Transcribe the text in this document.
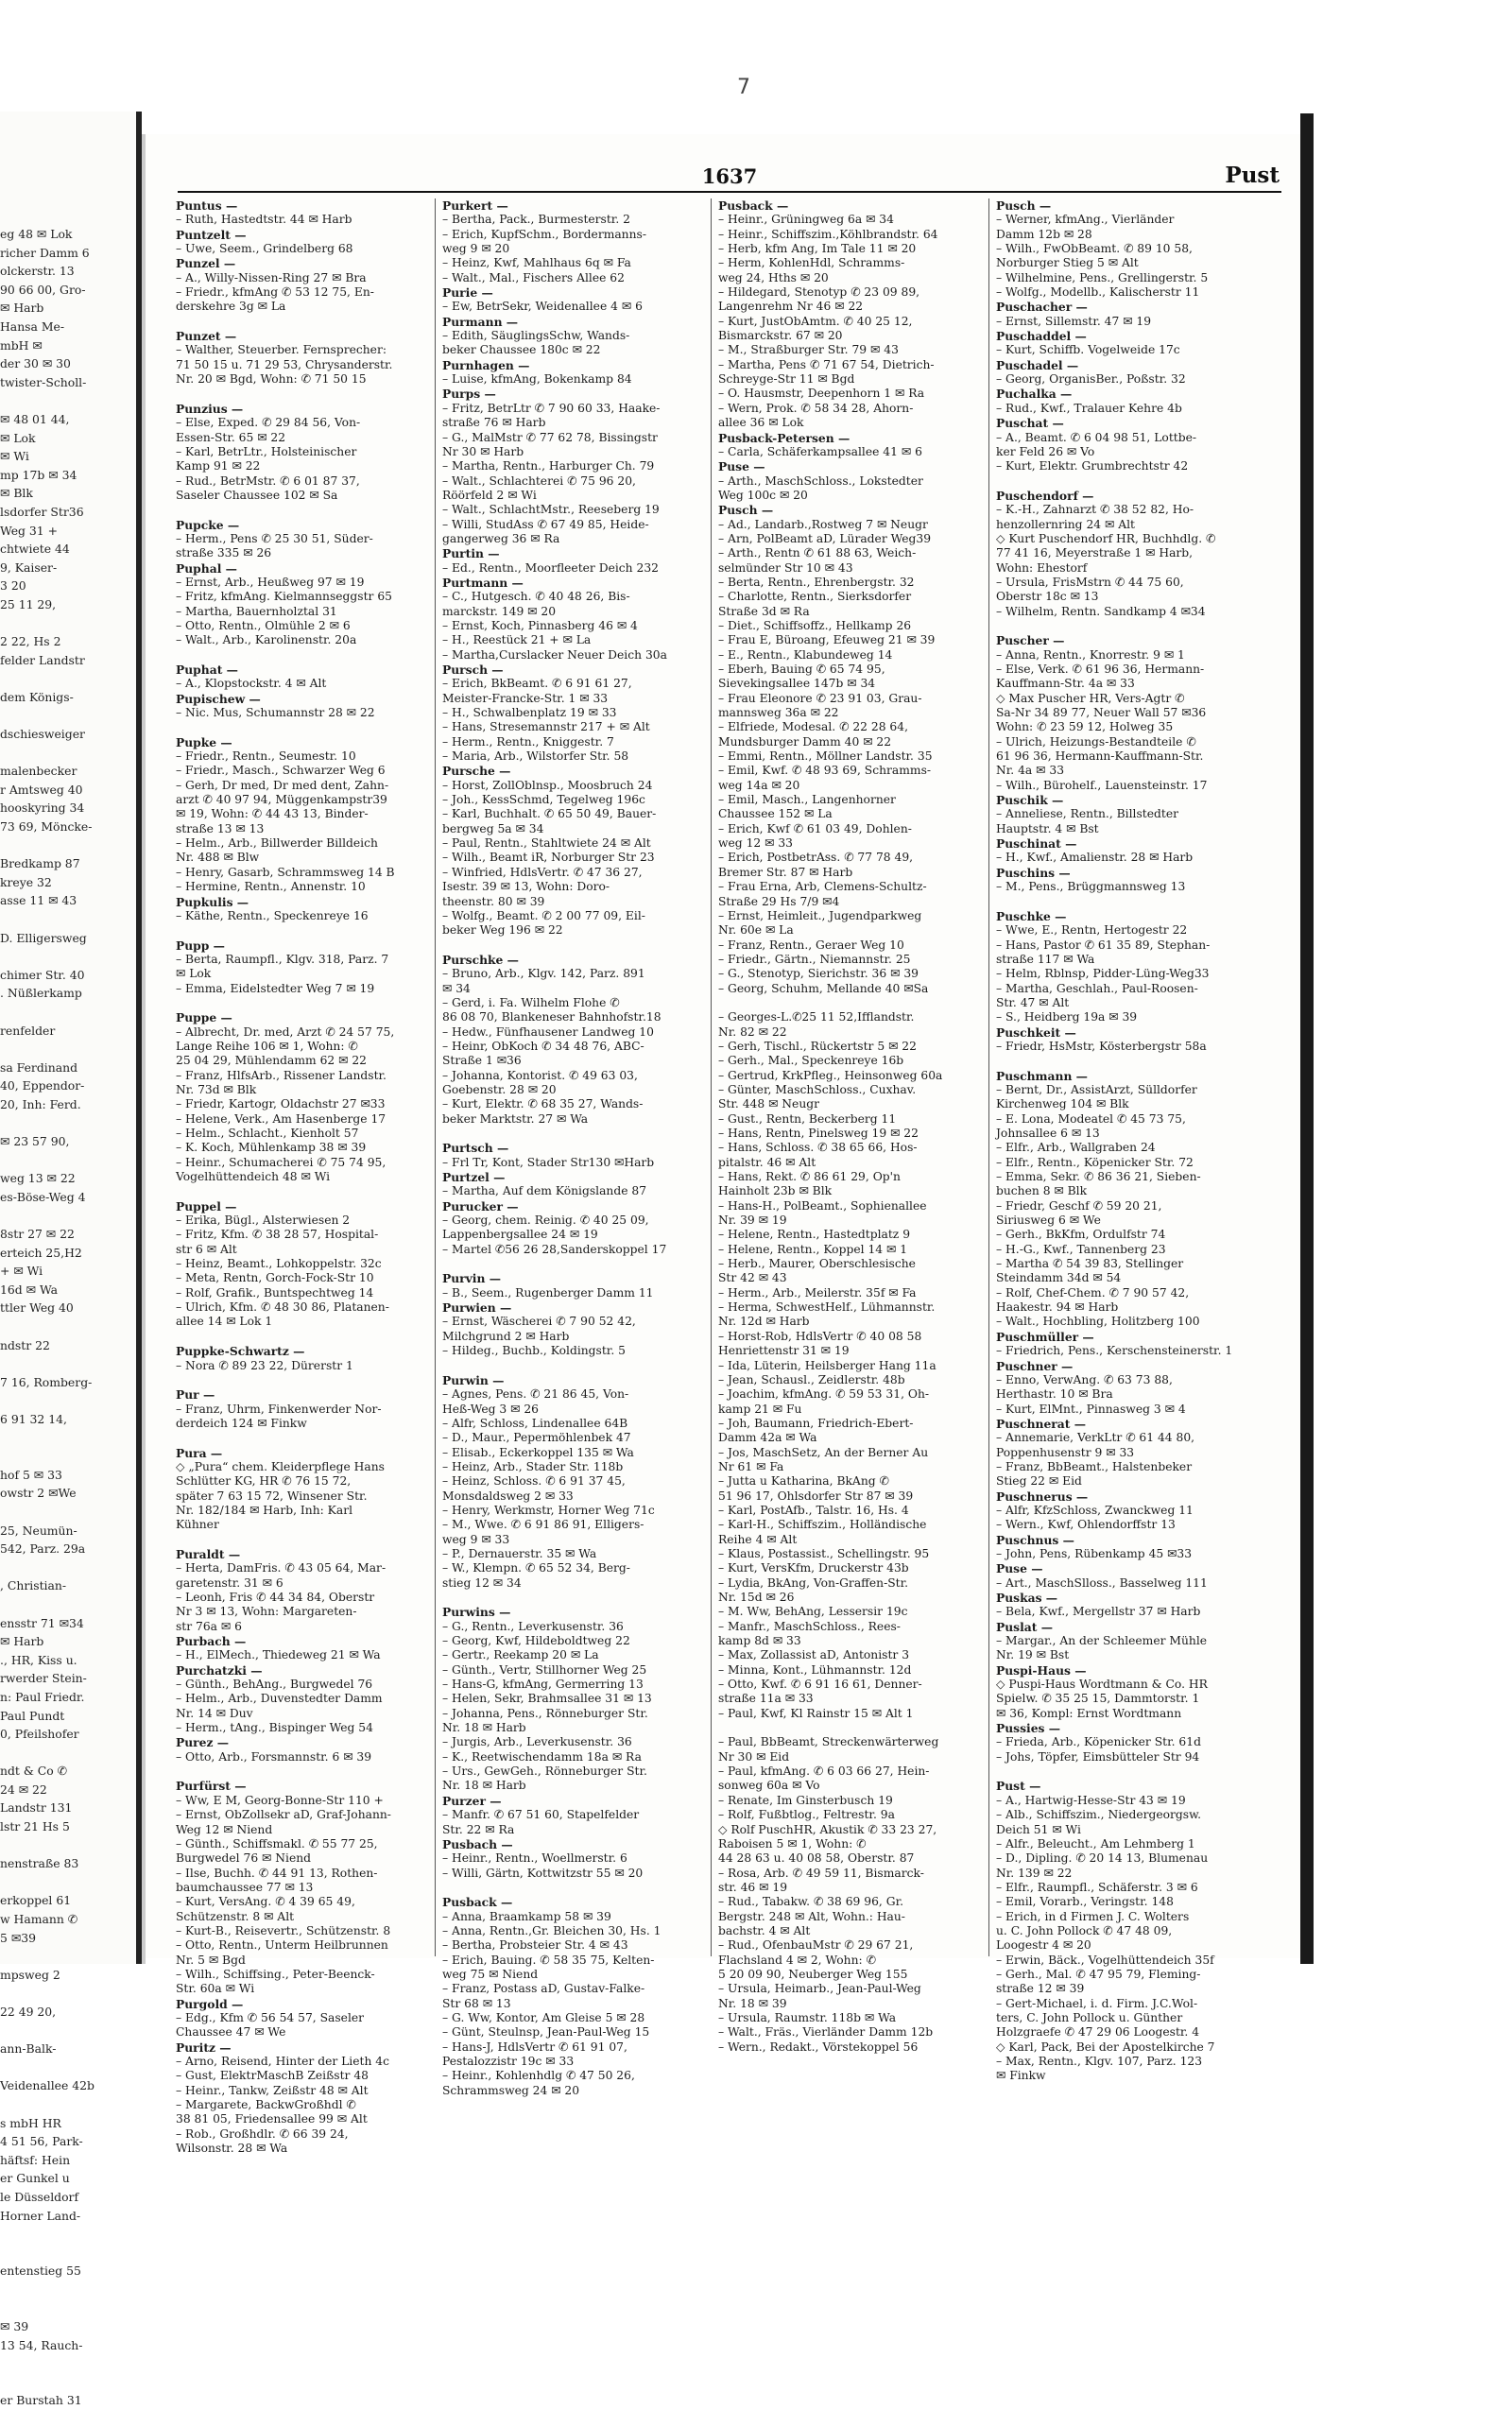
7
eg 48 ✉ Lok
richer Damm 6
olckerstr. 13
90 66 00, Gro-
✉ Harb
Hansa Me-
mbH ✉
der 30 ✉ 30
twister-Scholl-
✉ 48 01 44,
✉ Lok
✉ Wi
mp 17b ✉ 34
✉ Blk
lsdorfer Str36
Weg 31 +
chtwiete 44
9, Kaiser-
3 20
25 11 29,
2 22, Hs 2
felder Landstr
dem Königs-
dschiesweiger
malenbecker
r Amtsweg 40
hooskyring 34
73 69, Möncke-
Bredkamp 87
kreye 32
asse 11 ✉ 43
D. Elligersweg
chimer Str. 40
. Nüßlerkamp
renfelder
sa Ferdinand
40, Eppendor-
20, Inh: Ferd.
✉ 23 57 90,
weg 13 ✉ 22
es-Böse-Weg 4
8str 27 ✉ 22
erteich 25,H2
+ ✉ Wi
16d ✉ Wa
ttler Weg 40
ndstr 22
7 16, Romberg-
6 91 32 14,
hof 5 ✉ 33
owstr 2 ✉We
25, Neumün-
542, Parz. 29a
, Christian-
ensstr 71 ✉34
✉ Harb
., HR, Kiss u.
rwerder Stein-
n: Paul Friedr.
Paul Pundt
0, Pfeilshofer
ndt & Co ✆
24 ✉ 22
Landstr 131
lstr 21 Hs 5
nenstraße 83
erkoppel 61
w Hamann ✆
5 ✉39
mpsweg 2
22 49 20,
ann-Balk-
Veidenallee 42b
s mbH HR
4 51 56, Park-
häftsf: Hein
er Gunkel u
le Düsseldorf
Horner Land-
entenstieg 55
✉ 39
13 54, Rauch-
er Burstah 31
1637	Pust
Puntus —
– Ruth, Hastedtstr. 44 ✉ Harb
Puntzelt —
– Uwe, Seem., Grindelberg 68
Punzel —
– A., Willy-Nissen-Ring 27 ✉ Bra
– Friedr., kfmAng ✆ 53 12 75, En-
derskehre 3g ✉ La
Punzet —
– Walther, Steuerber. Fernsprecher:
71 50 15 u. 71 29 53, Chrysanderstr.
Nr. 20 ✉ Bgd, Wohn: ✆ 71 50 15
Punzius —
– Else, Exped. ✆ 29 84 56, Von-
Essen-Str. 65 ✉ 22
– Karl, BetrLtr., Holsteinischer
Kamp 91 ✉ 22
– Rud., BetrMstr. ✆ 6 01 87 37,
Saseler Chaussee 102 ✉ Sa
Pupcke —
– Herm., Pens ✆ 25 30 51, Süder-
straße 335 ✉ 26
Puphal —
– Ernst, Arb., Heußweg 97 ✉ 19
– Fritz, kfmAng. Kielmannseggstr 65
– Martha, Bauernholztal 31
– Otto, Rentn., Olmühle 2 ✉ 6
– Walt., Arb., Karolinenstr. 20a
Puphat —
– A., Klopstockstr. 4 ✉ Alt
Pupischew —
– Nic. Mus, Schumannstr 28 ✉ 22
Pupke —
– Friedr., Rentn., Seumestr. 10
– Friedr., Masch., Schwarzer Weg 6
– Gerh, Dr med, Dr med dent, Zahn-
arzt ✆ 40 97 94, Müggenkampstr39
✉ 19, Wohn: ✆ 44 43 13, Binder-
straße 13 ✉ 13
– Helm., Arb., Billwerder Billdeich
Nr. 488 ✉ Blw
– Henry, Gasarb, Schrammsweg 14 B
– Hermine, Rentn., Annenstr. 10
Pupkulis —
– Käthe, Rentn., Speckenreye 16
Pupp —
– Berta, Raumpfl., Klgv. 318, Parz. 7
✉ Lok
– Emma, Eidelstedter Weg 7 ✉ 19
Puppe —
– Albrecht, Dr. med, Arzt ✆ 24 57 75,
Lange Reihe 106 ✉ 1, Wohn: ✆
25 04 29, Mühlendamm 62 ✉ 22
– Franz, HlfsArb., Rissener Landstr.
Nr. 73d ✉ Blk
– Friedr, Kartogr, Oldachstr 27 ✉33
– Helene, Verk., Am Hasenberge 17
– Helm., Schlacht., Kienholt 57
– K. Koch, Mühlenkamp 38 ✉ 39
– Heinr., Schumacherei ✆ 75 74 95,
Vogelhüttendeich 48 ✉ Wi
Puppel —
– Erika, Bügl., Alsterwiesen 2
– Fritz, Kfm. ✆ 38 28 57, Hospital-
str 6 ✉ Alt
– Heinz, Beamt., Lohkoppelstr. 32c
– Meta, Rentn, Gorch-Fock-Str 10
– Rolf, Grafik., Buntspechtweg 14
– Ulrich, Kfm. ✆ 48 30 86, Platanen-
allee 14 ✉ Lok 1
Puppke-Schwartz —
– Nora ✆ 89 23 22, Dürerstr 1
Pur —
– Franz, Uhrm, Finkenwerder Nor-
derdeich 124 ✉ Finkw
Pura —
◇ „Pura“ chem. Kleiderpflege Hans
Schlütter KG, HR ✆ 76 15 72,
später 7 63 15 72, Winsener Str.
Nr. 182/184 ✉ Harb, Inh: Karl
Kühner
Puraldt —
– Herta, DamFris. ✆ 43 05 64, Mar-
garetenstr. 31 ✉ 6
– Leonh, Fris ✆ 44 34 84, Oberstr
Nr 3 ✉ 13, Wohn: Margareten-
str 76a ✉ 6
Purbach —
– H., ElMech., Thiedeweg 21 ✉ Wa
Purchatzki —
– Günth., BehAng., Burgwedel 76
– Helm., Arb., Duvenstedter Damm
Nr. 14 ✉ Duv
– Herm., tAng., Bispinger Weg 54
Purez —
– Otto, Arb., Forsmannstr. 6 ✉ 39
Purfürst —
– Ww, E M, Georg-Bonne-Str 110 +
– Ernst, ObZollsekr aD, Graf-Johann-
Weg 12 ✉ Niend
– Günth., Schiffsmakl. ✆ 55 77 25,
Burgwedel 76 ✉ Niend
– Ilse, Buchh. ✆ 44 91 13, Rothen-
baumchaussee 77 ✉ 13
– Kurt, VersAng. ✆ 4 39 65 49,
Schützenstr. 8 ✉ Alt
– Kurt-B., Reisevertr., Schützenstr. 8
– Otto, Rentn., Unterm Heilbrunnen
Nr. 5 ✉ Bgd
– Wilh., Schiffsing., Peter-Beenck-
Str. 60a ✉ Wi
Purgold —
– Edg., Kfm ✆ 56 54 57, Saseler
Chaussee 47 ✉ We
Puritz —
– Arno, Reisend, Hinter der Lieth 4c
– Gust, ElektrMaschB Zeißstr 48
– Heinr., Tankw, Zeißstr 48 ✉ Alt
– Margarete, BackwGroßhdl ✆
38 81 05, Friedensallee 99 ✉ Alt
– Rob., Großhdlr. ✆ 66 39 24,
Wilsonstr. 28 ✉ Wa
Purkert —
– Bertha, Pack., Burmesterstr. 2
– Erich, KupfSchm., Bordermanns-
weg 9 ✉ 20
– Heinz, Kwf, Mahlhaus 6q ✉ Fa
– Walt., Mal., Fischers Allee 62
Purie —
– Ew, BetrSekr, Weidenallee 4 ✉ 6
Purmann —
– Edith, SäuglingsSchw, Wands-
beker Chaussee 180c ✉ 22
Purnhagen —
– Luise, kfmAng, Bokenkamp 84
Purps —
– Fritz, BetrLtr ✆ 7 90 60 33, Haake-
straße 76 ✉ Harb
– G., MalMstr ✆ 77 62 78, Bissingstr
Nr 30 ✉ Harb
– Martha, Rentn., Harburger Ch. 79
– Walt., Schlachterei ✆ 75 96 20,
Röörfeld 2 ✉ Wi
– Walt., SchlachtMstr., Reeseberg 19
– Willi, StudAss ✆ 67 49 85, Heide-
gangerweg 36 ✉ Ra
Purtin —
– Ed., Rentn., Moorfleeter Deich 232
Purtmann —
– C., Hutgesch. ✆ 40 48 26, Bis-
marckstr. 149 ✉ 20
– Ernst, Koch, Pinnasberg 46 ✉ 4
– H., Reestück 21 + ✉ La
– Martha,Curslacker Neuer Deich 30a
Pursch —
– Erich, BkBeamt. ✆ 6 91 61 27,
Meister-Francke-Str. 1 ✉ 33
– H., Schwalbenplatz 19 ✉ 33
– Hans, Stresemannstr 217 + ✉ Alt
– Herm., Rentn., Kniggestr. 7
– Maria, Arb., Wilstorfer Str. 58
Pursche —
– Horst, ZollOblnsp., Moosbruch 24
– Joh., KessSchmd, Tegelweg 196c
– Karl, Buchhalt. ✆ 65 50 49, Bauer-
bergweg 5a ✉ 34
– Paul, Rentn., Stahltwiete 24 ✉ Alt
– Wilh., Beamt iR, Norburger Str 23
– Winfried, HdlsVertr. ✆ 47 36 27,
Isestr. 39 ✉ 13, Wohn: Doro-
theenstr. 80 ✉ 39
– Wolfg., Beamt. ✆ 2 00 77 09, Eil-
beker Weg 196 ✉ 22
Purschke —
– Bruno, Arb., Klgv. 142, Parz. 891
✉ 34
– Gerd, i. Fa. Wilhelm Flohe ✆
86 08 70, Blankeneser Bahnhofstr.18
– Hedw., Fünfhausener Landweg 10
– Heinr, ObKoch ✆ 34 48 76, ABC-
Straße 1 ✉36
– Johanna, Kontorist. ✆ 49 63 03,
Goebenstr. 28 ✉ 20
– Kurt, Elektr. ✆ 68 35 27, Wands-
beker Marktstr. 27 ✉ Wa
Purtsch —
– Frl Tr, Kont, Stader Str130 ✉Harb
Purtzel —
– Martha, Auf dem Königslande 87
Purucker —
– Georg, chem. Reinig. ✆ 40 25 09,
Lappenbergsallee 24 ✉ 19
– Martel ✆56 26 28,Sanderskoppel 17
Purvin —
– B., Seem., Rugenberger Damm 11
Purwien —
– Ernst, Wäscherei ✆ 7 90 52 42,
Milchgrund 2 ✉ Harb
– Hildeg., Buchb., Koldingstr. 5
Purwin —
– Agnes, Pens. ✆ 21 86 45, Von-
Heß-Weg 3 ✉ 26
– Alfr, Schloss, Lindenallee 64B
– D., Maur., Pepermöhlenbek 47
– Elisab., Eckerkoppel 135 ✉ Wa
– Heinz, Arb., Stader Str. 118b
– Heinz, Schloss. ✆ 6 91 37 45,
Monsdaldsweg 2 ✉ 33
– Henry, Werkmstr, Horner Weg 71c
– M., Wwe. ✆ 6 91 86 91, Elligers-
weg 9 ✉ 33
– P., Dernauerstr. 35 ✉ Wa
– W., Klempn. ✆ 65 52 34, Berg-
stieg 12 ✉ 34
Purwins —
– G., Rentn., Leverkusenstr. 36
– Georg, Kwf, Hildeboldtweg 22
– Gertr., Reekamp 20 ✉ La
– Günth., Vertr, Stillhorner Weg 25
– Hans-G, kfmAng, Germerring 13
– Helen, Sekr, Brahmsallee 31 ✉ 13
– Johanna, Pens., Rönneburger Str.
Nr. 18 ✉ Harb
– Jurgis, Arb., Leverkusenstr. 36
– K., Reetwischendamm 18a ✉ Ra
– Urs., GewGeh., Rönneburger Str.
Nr. 18 ✉ Harb
Purzer —
– Manfr. ✆ 67 51 60, Stapelfelder
Str. 22 ✉ Ra
Pusbach —
– Heinr., Rentn., Woellmerstr. 6
– Willi, Gärtn, Kottwitzstr 55 ✉ 20
Pusback —
– Anna, Braamkamp 58 ✉ 39
– Anna, Rentn.,Gr. Bleichen 30, Hs. 1
– Bertha, Probsteier Str. 4 ✉ 43
– Erich, Bauing. ✆ 58 35 75, Kelten-
weg 75 ✉ Niend
– Franz, Postass aD, Gustav-Falke-
Str 68 ✉ 13
– G. Ww, Kontor, Am Gleise 5 ✉ 28
– Günt, Steulnsp, Jean-Paul-Weg 15
– Hans-J, HdlsVertr ✆ 61 91 07,
Pestalozzistr 19c ✉ 33
– Heinr., Kohlenhdlg ✆ 47 50 26,
Schrammsweg 24 ✉ 20
Pusback —
– Heinr., Grüningweg 6a ✉ 34
– Heinr., Schiffszim.,Köhlbrandstr. 64
– Herb, kfm Ang, Im Tale 11 ✉ 20
– Herm, KohlenHdl, Schramms-
weg 24, Hths ✉ 20
– Hildegard, Stenotyp ✆ 23 09 89,
Langenrehm Nr 46 ✉ 22
– Kurt, JustObAmtm. ✆ 40 25 12,
Bismarckstr. 67 ✉ 20
– M., Straßburger Str. 79 ✉ 43
– Martha, Pens ✆ 71 67 54, Dietrich-
Schreyge-Str 11 ✉ Bgd
– O. Hausmstr, Deepenhorn 1 ✉ Ra
– Wern, Prok. ✆ 58 34 28, Ahorn-
allee 36 ✉ Lok
Pusback-Petersen —
– Carla, Schäferkampsallee 41 ✉ 6
Puse —
– Arth., MaschSchloss., Lokstedter
Weg 100c ✉ 20
Pusch —
– Ad., Landarb.,Rostweg 7 ✉ Neugr
– Arn, PolBeamt aD, Lürader Weg39
– Arth., Rentn ✆ 61 88 63, Weich-
selmünder Str 10 ✉ 43
– Berta, Rentn., Ehrenbergstr. 32
– Charlotte, Rentn., Sierksdorfer
Straße 3d ✉ Ra
– Diet., Schiffsoffz., Hellkamp 26
– Frau E, Büroang, Efeuweg 21 ✉ 39
– E., Rentn., Klabundeweg 14
– Eberh, Bauing ✆ 65 74 95,
Sievekingsallee 147b ✉ 34
– Frau Eleonore ✆ 23 91 03, Grau-
mannsweg 36a ✉ 22
– Elfriede, Modesal. ✆ 22 28 64,
Mundsburger Damm 40 ✉ 22
– Emmi, Rentn., Möllner Landstr. 35
– Emil, Kwf. ✆ 48 93 69, Schramms-
weg 14a ✉ 20
– Emil, Masch., Langenhorner
Chaussee 152 ✉ La
– Erich, Kwf ✆ 61 03 49, Dohlen-
weg 12 ✉ 33
– Erich, PostbetrAss. ✆ 77 78 49,
Bremer Str. 87 ✉ Harb
– Frau Erna, Arb, Clemens-Schultz-
Straße 29 Hs 7/9 ✉4
– Ernst, Heimleit., Jugendparkweg
Nr. 60e ✉ La
– Franz, Rentn., Geraer Weg 10
– Friedr., Gärtn., Niemannstr. 25
– G., Stenotyp, Sierichstr. 36 ✉ 39
– Georg, Schuhm, Mellande 40 ✉Sa
– Georges-L.✆25 11 52,Ifflandstr.
Nr. 82 ✉ 22
– Gerh, Tischl., Rückertstr 5 ✉ 22
– Gerh., Mal., Speckenreye 16b
– Gertrud, KrkPfleg., Heinsonweg 60a
– Günter, MaschSchloss., Cuxhav.
Str. 448 ✉ Neugr
– Gust., Rentn, Beckerberg 11
– Hans, Rentn, Pinelsweg 19 ✉ 22
– Hans, Schloss. ✆ 38 65 66, Hos-
pitalstr. 46 ✉ Alt
– Hans, Rekt. ✆ 86 61 29, Op'n
Hainholt 23b ✉ Blk
– Hans-H., PolBeamt., Sophienallee
Nr. 39 ✉ 19
– Helene, Rentn., Hastedtplatz 9
– Helene, Rentn., Koppel 14 ✉ 1
– Herb., Maurer, Oberschlesische
Str 42 ✉ 43
– Herm., Arb., Meilerstr. 35f ✉ Fa
– Herma, SchwestHelf., Lühmannstr.
Nr. 12d ✉ Harb
– Horst-Rob, HdlsVertr ✆ 40 08 58
Henriettenstr 31 ✉ 19
– Ida, Lüterin, Heilsberger Hang 11a
– Jean, Schausl., Zeidlerstr. 48b
– Joachim, kfmAng. ✆ 59 53 31, Oh-
kamp 21 ✉ Fu
– Joh, Baumann, Friedrich-Ebert-
Damm 42a ✉ Wa
– Jos, MaschSetz, An der Berner Au
Nr 61 ✉ Fa
– Jutta u Katharina, BkAng ✆
51 96 17, Ohlsdorfer Str 87 ✉ 39
– Karl, PostAfb., Talstr. 16, Hs. 4
– Karl-H., Schiffszim., Holländische
Reihe 4 ✉ Alt
– Klaus, Postassist., Schellingstr. 95
– Kurt, VersKfm, Druckerstr 43b
– Lydia, BkAng, Von-Graffen-Str.
Nr. 15d ✉ 26
– M. Ww, BehAng, Lessersir 19c
– Manfr., MaschSchloss., Rees-
kamp 8d ✉ 33
– Max, Zollassist aD, Antonistr 3
– Minna, Kont., Lühmannstr. 12d
– Otto, Kwf. ✆ 6 91 16 61, Denner-
straße 11a ✉ 33
– Paul, Kwf, Kl Rainstr 15 ✉ Alt 1
– Paul, BbBeamt, Streckenwärterweg
Nr 30 ✉ Eid
– Paul, kfmAng. ✆ 6 03 66 27, Hein-
sonweg 60a ✉ Vo
– Renate, Im Ginsterbusch 19
– Rolf, Fußbtlog., Feltrestr. 9a
◇ Rolf PuschHR, Akustik ✆ 33 23 27,
Raboisen 5 ✉ 1, Wohn: ✆
44 28 63 u. 40 08 58, Oberstr. 87
– Rosa, Arb. ✆ 49 59 11, Bismarck-
str. 46 ✉ 19
– Rud., Tabakw. ✆ 38 69 96, Gr.
Bergstr. 248 ✉ Alt, Wohn.: Hau-
bachstr. 4 ✉ Alt
– Rud., OfenbauMstr ✆ 29 67 21,
Flachsland 4 ✉ 2, Wohn: ✆
5 20 09 90, Neuberger Weg 155
– Ursula, Heimarb., Jean-Paul-Weg
Nr. 18 ✉ 39
– Ursula, Raumstr. 118b ✉ Wa
– Walt., Fräs., Vierländer Damm 12b
– Wern., Redakt., Vörstekoppel 56
Pusch —
– Werner, kfmAng., Vierländer
Damm 12b ✉ 28
– Wilh., FwObBeamt. ✆ 89 10 58,
Norburger Stieg 5 ✉ Alt
– Wilhelmine, Pens., Grellingerstr. 5
– Wolfg., Modellb., Kalischerstr 11
Puschacher —
– Ernst, Sillemstr. 47 ✉ 19
Puschaddel —
– Kurt, Schiffb. Vogelweide 17c
Puschadel —
– Georg, OrganisBer., Poßstr. 32
Puchalka —
– Rud., Kwf., Tralauer Kehre 4b
Puschat —
– A., Beamt. ✆ 6 04 98 51, Lottbe-
ker Feld 26 ✉ Vo
– Kurt, Elektr. Grumbrechtstr 42
Puschendorf —
– K.-H., Zahnarzt ✆ 38 52 82, Ho-
henzollernring 24 ✉ Alt
◇ Kurt Puschendorf HR, Buchhdlg. ✆
77 41 16, Meyerstraße 1 ✉ Harb,
Wohn: Ehestorf
– Ursula, FrisMstrn ✆ 44 75 60,
Oberstr 18c ✉ 13
– Wilhelm, Rentn. Sandkamp 4 ✉34
Puscher —
– Anna, Rentn., Knorrestr. 9 ✉ 1
– Else, Verk. ✆ 61 96 36, Hermann-
Kauffmann-Str. 4a ✉ 33
◇ Max Puscher HR, Vers-Agtr ✆
Sa-Nr 34 89 77, Neuer Wall 57 ✉36
Wohn: ✆ 23 59 12, Holweg 35
– Ulrich, Heizungs-Bestandteile ✆
61 96 36, Hermann-Kauffmann-Str.
Nr. 4a ✉ 33
– Wilh., Bürohelf., Lauensteinstr. 17
Puschik —
– Anneliese, Rentn., Billstedter
Hauptstr. 4 ✉ Bst
Puschinat —
– H., Kwf., Amalienstr. 28 ✉ Harb
Puschins —
– M., Pens., Brüggmannsweg 13
Puschke —
– Wwe, E., Rentn, Hertogestr 22
– Hans, Pastor ✆ 61 35 89, Stephan-
straße 117 ✉ Wa
– Helm, Rblnsp, Pidder-Lüng-Weg33
– Martha, Geschlah., Paul-Roosen-
Str. 47 ✉ Alt
– S., Heidberg 19a ✉ 39
Puschkeit —
– Friedr, HsMstr, Kösterbergstr 58a
Puschmann —
– Bernt, Dr., AssistArzt, Sülldorfer
Kirchenweg 104 ✉ Blk
– E. Lona, Modeatel ✆ 45 73 75,
Johnsallee 6 ✉ 13
– Elfr., Arb., Wallgraben 24
– Elfr., Rentn., Köpenicker Str. 72
– Emma, Sekr. ✆ 86 36 21, Sieben-
buchen 8 ✉ Blk
– Friedr, Geschf ✆ 59 20 21,
Siriusweg 6 ✉ We
– Gerh., BkKfm, Ordulfstr 74
– H.-G., Kwf., Tannenberg 23
– Martha ✆ 54 39 83, Stellinger
Steindamm 34d ✉ 54
– Rolf, Chef-Chem. ✆ 7 90 57 42,
Haakestr. 94 ✉ Harb
– Walt., Hochbling, Holitzberg 100
Puschmüller —
– Friedrich, Pens., Kerschensteinerstr. 1
Puschner —
– Enno, VerwAng. ✆ 63 73 88,
Herthastr. 10 ✉ Bra
– Kurt, ElMnt., Pinnasweg 3 ✉ 4
Puschnerat —
– Annemarie, VerkLtr ✆ 61 44 80,
Poppenhusenstr 9 ✉ 33
– Franz, BbBeamt., Halstenbeker
Stieg 22 ✉ Eid
Puschnerus —
– Alfr, KfzSchloss, Zwanckweg 11
– Wern., Kwf, Ohlendorffstr 13
Puschnus —
– John, Pens, Rübenkamp 45 ✉33
Puse —
– Art., MaschSlloss., Basselweg 111
Puskas —
– Bela, Kwf., Mergellstr 37 ✉ Harb
Puslat —
– Margar., An der Schleemer Mühle
Nr. 19 ✉ Bst
Puspi-Haus —
◇ Puspi-Haus Wordtmann & Co. HR
Spielw. ✆ 35 25 15, Dammtorstr. 1
✉ 36, Kompl: Ernst Wordtmann
Pussies —
– Frieda, Arb., Köpenicker Str. 61d
– Johs, Töpfer, Eimsbütteler Str 94
Pust —
– A., Hartwig-Hesse-Str 43 ✉ 19
– Alb., Schiffszim., Niedergeorgsw.
Deich 51 ✉ Wi
– Alfr., Beleucht., Am Lehmberg 1
– D., Dipling. ✆ 20 14 13, Blumenau
Nr. 139 ✉ 22
– Elfr., Raumpfl., Schäferstr. 3 ✉ 6
– Emil, Vorarb., Veringstr. 148
– Erich, in d Firmen J. C. Wolters
u. C. John Pollock ✆ 47 48 09,
Loogestr 4 ✉ 20
– Erwin, Bäck., Vogelhüttendeich 35f
– Gerh., Mal. ✆ 47 95 79, Fleming-
straße 12 ✉ 39
– Gert-Michael, i. d. Firm. J.C.Wol-
ters, C. John Pollock u. Günther
Holzgraefe ✆ 47 29 06 Loogestr. 4
◇ Karl, Pack, Bei der Apostelkirche 7
– Max, Rentn., Klgv. 107, Parz. 123
✉ Finkw
